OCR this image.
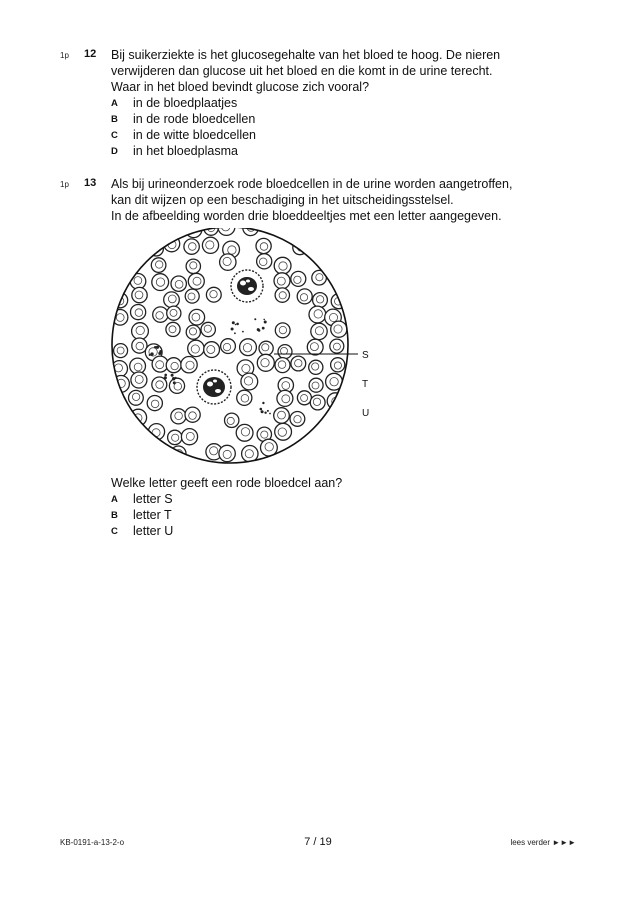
1p 12 Bij suikerziekte is het glucosegehalte van het bloed te hoog. De nieren
verwijderen dan glucose uit het bloed en die komt in de urine terecht.
Waar in het bloed bevindt glucose zich vooral?
A in de bloedplaatjes
B in de rode bloedcellen
C in de witte bloedcellen
D in het bloedplasma
1p 13 Als bij urineonderzoek rode bloedcellen in de urine worden aangetroffen,
kan dit wijzen op een beschadiging in het uitscheidingsstelsel.
In de afbeelding worden drie bloeddeeltjes met een letter aangegeven.
S
T
U
Welke letter geeft een rode bloedcel aan?
A letter S
B letter T
C letter U
KB-0191-a-13-2-o	7 / 19	lees verder ►►►
